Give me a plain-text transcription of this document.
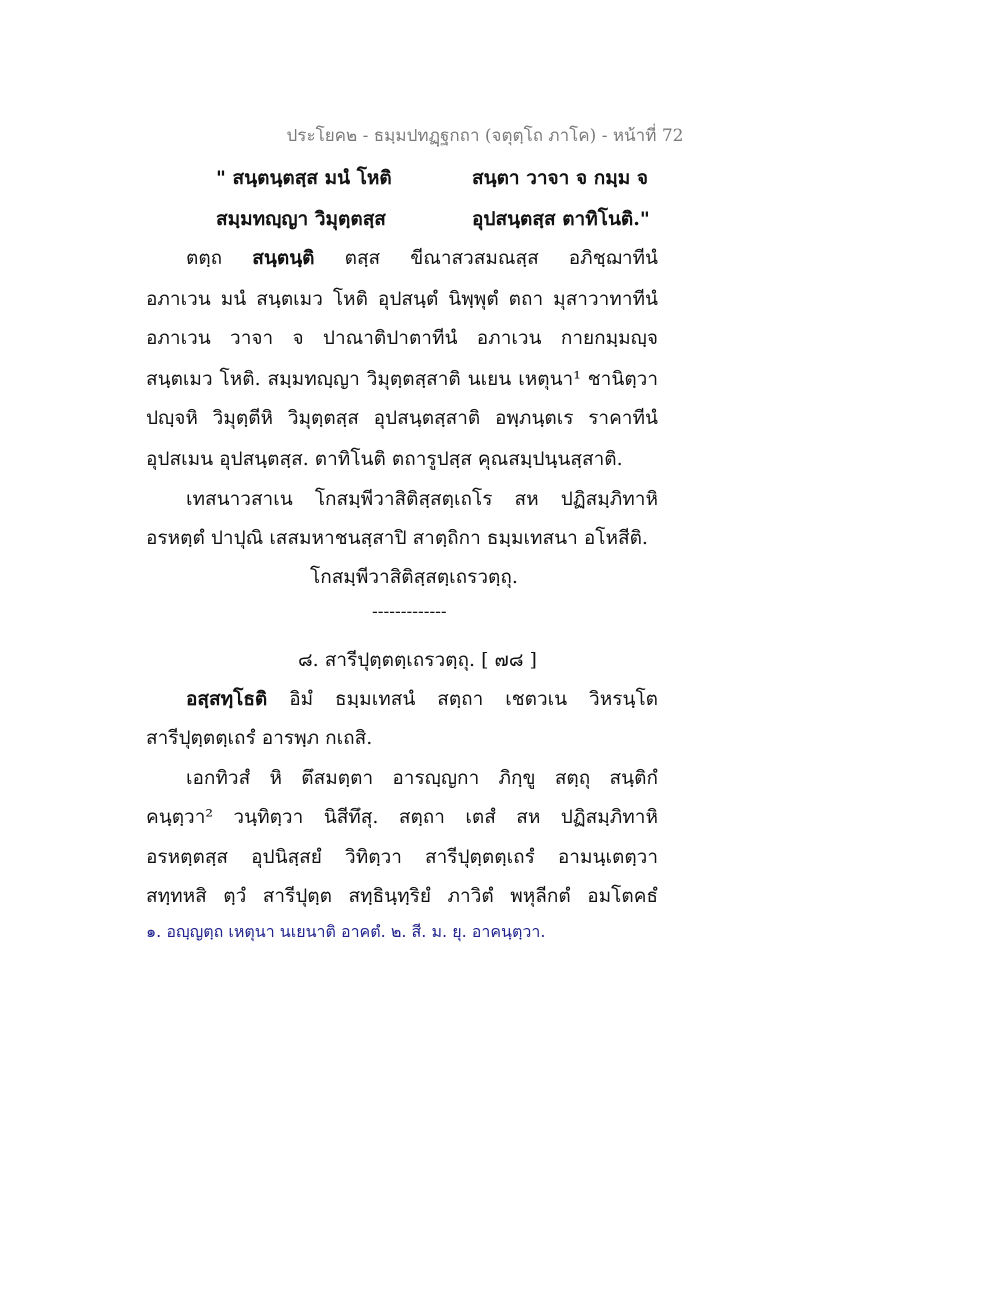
ประโยค๒ - ธมฺมปทฏฺฐกถา (จตุตฺโถ ภาโค) - หน้าที่ 72
" สนฺตนฺตสฺส มนํ โหติ	สนฺตา วาจา จ กมฺม จ
สมฺมทญฺญา วิมุตฺตสฺส	อุปสนฺตสฺส ตาทิโนติ."
ตตฺถ สนฺตนฺติ ตสฺส ขีณาสวสมณสฺส อภิชฺฌาทีนํ
อภาเวน มนํ สนฺตเมว โหติ อุปสนฺตํ นิพฺพุตํ ตถา มุสาวาทาทีนํ
อภาเวน วาจา จ ปาณาติปาตาทีนํ อภาเวน กายกมฺมญฺจ
สนฺตเมว โหติ. สมฺมทญฺญา วิมุตฺตสฺสาติ นเยน เหตุนา¹ ชานิตฺวา
ปญฺจหิ วิมุตฺตีหิ วิมุตฺตสฺส อุปสนฺตสฺสาติ อพฺภนฺตเร ราคาทีนํ
อุปสเมน อุปสนฺตสฺส. ตาทิโนติ ตถารูปสฺส คุณสมฺปนฺนสฺสาติ.
เทสนาวสาเน โกสมฺพีวาสิติสฺสตฺเถโร สห ปฏิสมฺภิทาหิ
อรหตฺตํ ปาปุณิ เสสมหาชนสฺสาปิ สาตฺถิกา ธมฺมเทสนา อโหสีติ.
โกสมฺพีวาสิติสฺสตฺเถรวตฺถุ.
-------------
๘. สารีปุตฺตตฺเถรวตฺถุ. [ ๗๘ ]
อสฺสทฺโธติ อิมํ ธมฺมเทสนํ สตฺถา เชตวเน วิหรนฺโต
สารีปุตฺตตฺเถรํ อารพฺภ กเถสิ.
เอกทิวสํ หิ ตึสมตฺตา อารญฺญกา ภิกฺขู สตฺถุ สนฺติกํ
คนฺตฺวา² วนฺทิตฺวา นิสีทึสุ. สตฺถา เตสํ สห ปฏิสมฺภิทาหิ
อรหตฺตสฺส อุปนิสฺสยํ วิทิตฺวา สารีปุตฺตตฺเถรํ อามนฺเตตฺวา
สทฺทหสิ ตฺวํ สารีปุตฺต สทฺธินฺทฺริยํ ภาวิตํ พหุลีกตํ อมโตคธํ
๑. อญฺญตฺถ เหตุนา นเยนาติ อาคตํ. ๒. สี. ม. ยุ. อาคนฺตฺวา.
